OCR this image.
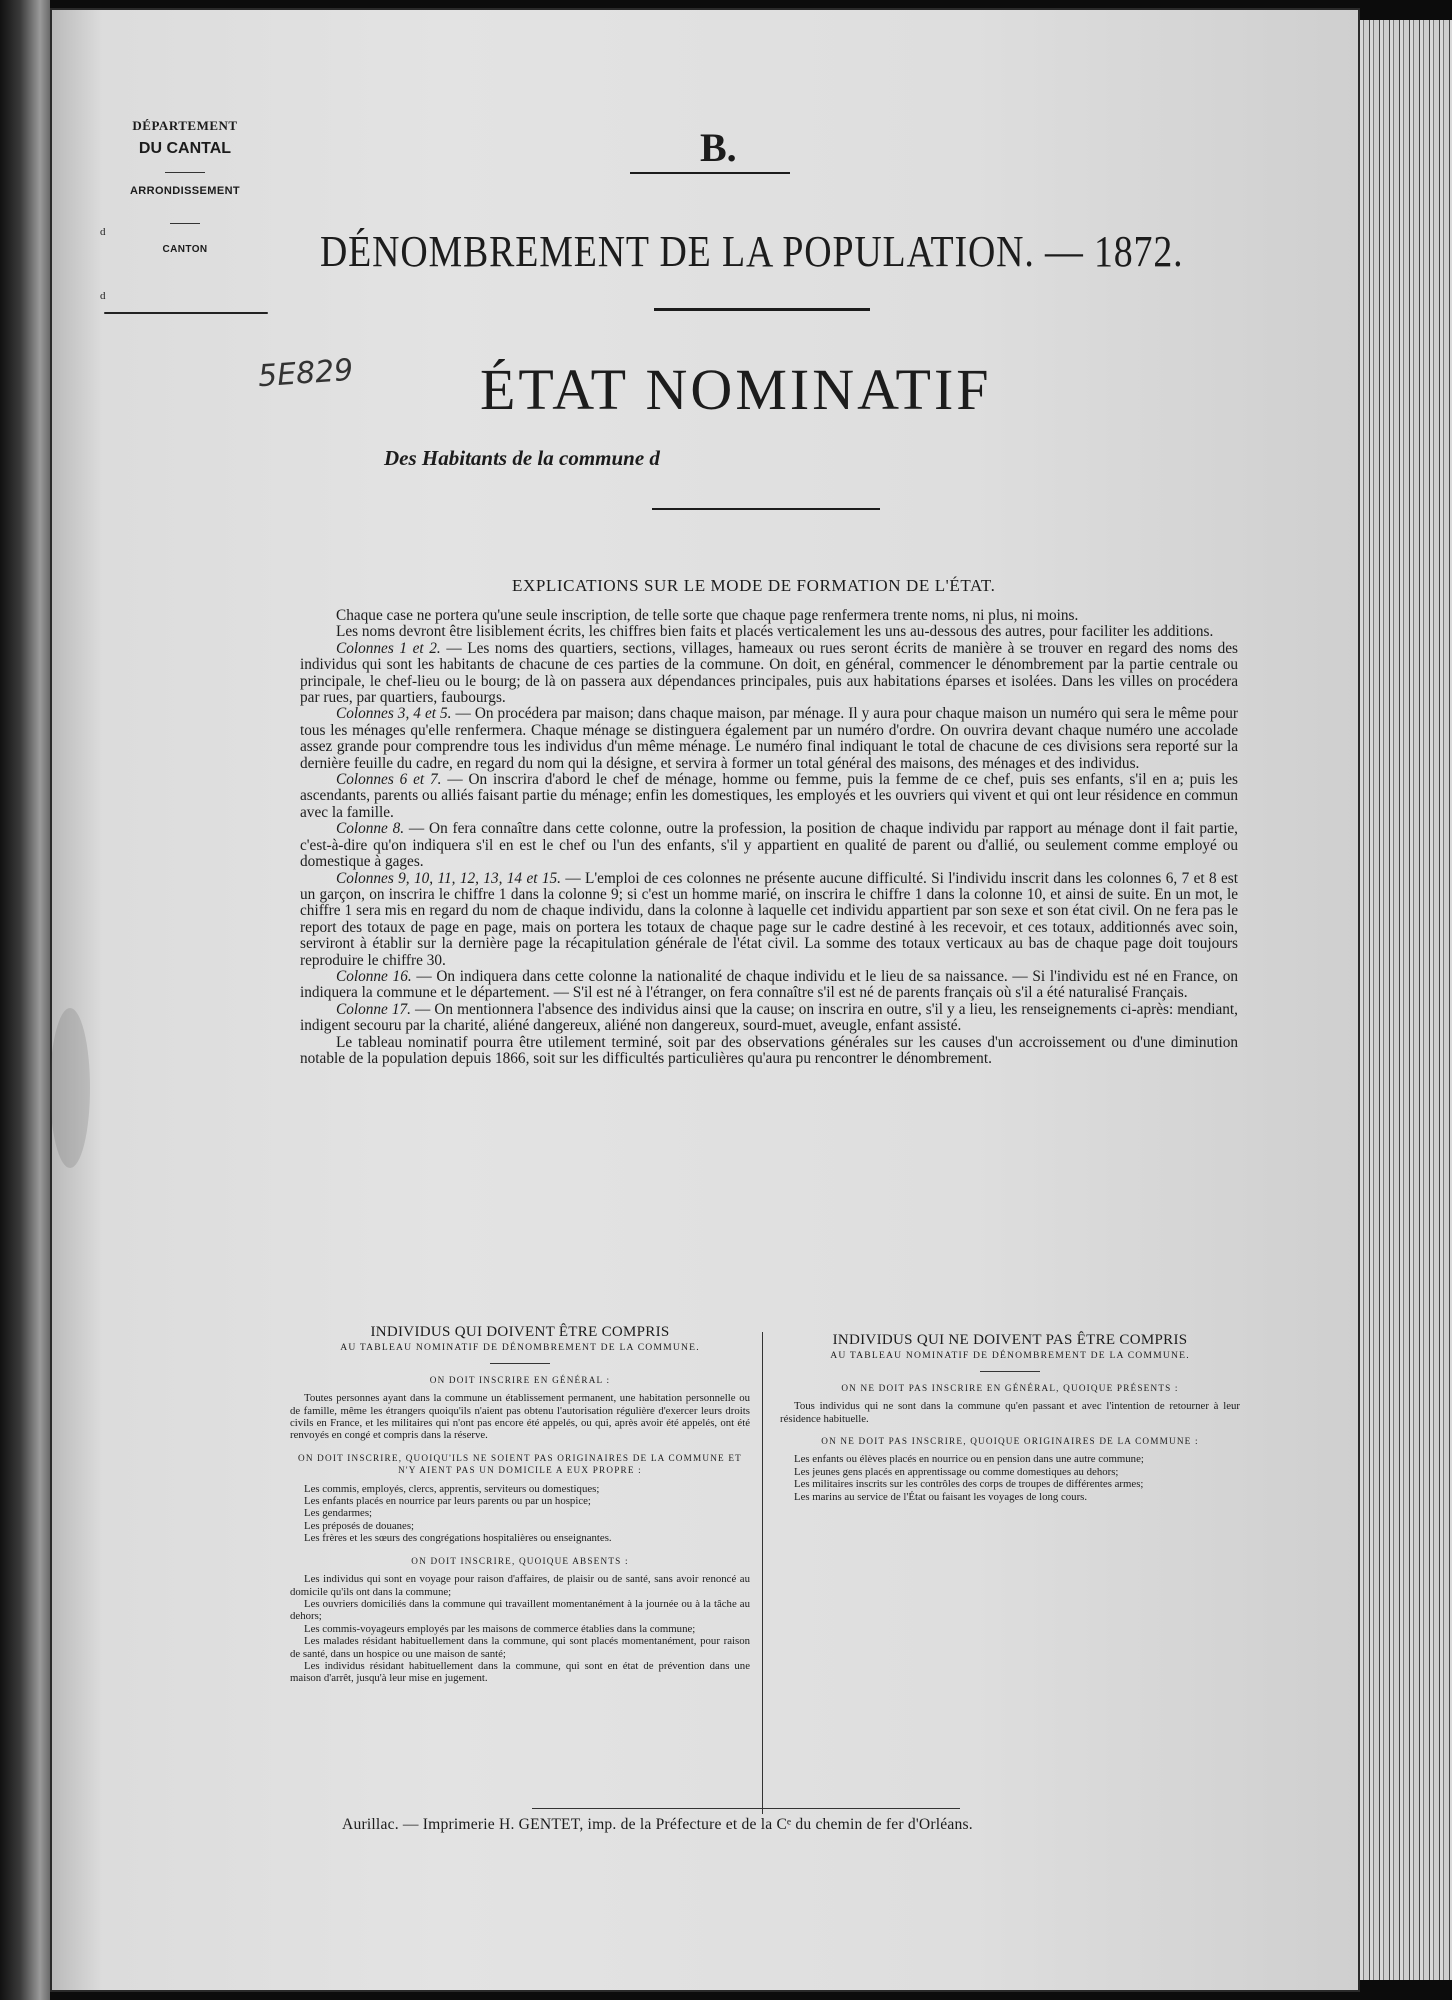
DÉPARTEMENT
DU CANTAL
ARRONDISSEMENT
CANTON
d
d
B.
DÉNOMBREMENT DE LA POPULATION. — 1872.
5E829 ÉTAT NOMINATIF
Des Habitants de la commune d
EXPLICATIONS SUR LE MODE DE FORMATION DE L'ÉTAT.

Chaque case ne portera qu'une seule inscription, de telle sorte que chaque page renfermera trente noms, ni plus, ni moins.

Les noms devront être lisiblement écrits, les chiffres bien faits et placés verticalement les uns au-dessous des autres, pour faciliter les additions.

Colonnes 1 et 2. — Les noms des quartiers, sections, villages, hameaux ou rues seront écrits de manière à se trouver en regard des noms des individus qui sont les habitants de chacune de ces parties de la commune. On doit, en général, commencer le dénombrement par la partie centrale ou principale, le chef-lieu ou le bourg; de là on passera aux dépendances principales, puis aux habitations éparses et isolées. Dans les villes on procédera par rues, par quartiers, faubourgs.

Colonnes 3, 4 et 5. — On procédera par maison; dans chaque maison, par ménage. Il y aura pour chaque maison un numéro qui sera le même pour tous les ménages qu'elle renfermera. Chaque ménage se distinguera également par un numéro d'ordre. On ouvrira devant chaque numéro une accolade assez grande pour comprendre tous les individus d'un même ménage. Le numéro final indiquant le total de chacune de ces divisions sera reporté sur la dernière feuille du cadre, en regard du nom qui la désigne, et servira à former un total général des maisons, des ménages et des individus.

Colonnes 6 et 7. — On inscrira d'abord le chef de ménage, homme ou femme, puis la femme de ce chef, puis ses enfants, s'il en a; puis les ascendants, parents ou alliés faisant partie du ménage; enfin les domestiques, les employés et les ouvriers qui vivent et qui ont leur résidence en commun avec la famille.

Colonne 8. — On fera connaître dans cette colonne, outre la profession, la position de chaque individu par rapport au ménage dont il fait partie, c'est-à-dire qu'on indiquera s'il en est le chef ou l'un des enfants, s'il y appartient en qualité de parent ou d'allié, ou seulement comme employé ou domestique à gages.

Colonnes 9, 10, 11, 12, 13, 14 et 15. — L'emploi de ces colonnes ne présente aucune difficulté. Si l'individu inscrit dans les colonnes 6, 7 et 8 est un garçon, on inscrira le chiffre 1 dans la colonne 9; si c'est un homme marié, on inscrira le chiffre 1 dans la colonne 10, et ainsi de suite. En un mot, le chiffre 1 sera mis en regard du nom de chaque individu, dans la colonne à laquelle cet individu appartient par son sexe et son état civil. On ne fera pas le report des totaux de page en page, mais on portera les totaux de chaque page sur le cadre destiné à les recevoir, et ces totaux, additionnés avec soin, serviront à établir sur la dernière page la récapitulation générale de l'état civil. La somme des totaux verticaux au bas de chaque page doit toujours reproduire le chiffre 30.

Colonne 16. — On indiquera dans cette colonne la nationalité de chaque individu et le lieu de sa naissance. — Si l'individu est né en France, on indiquera la commune et le département. — S'il est né à l'étranger, on fera connaître s'il est né de parents français où s'il a été naturalisé Français.

Colonne 17. — On mentionnera l'absence des individus ainsi que la cause; on inscrira en outre, s'il y a lieu, les renseignements ci-après: mendiant, indigent secouru par la charité, aliéné dangereux, aliéné non dangereux, sourd-muet, aveugle, enfant assisté.

Le tableau nominatif pourra être utilement terminé, soit par des observations générales sur les causes d'un accroissement ou d'une diminution notable de la population depuis 1866, soit sur les difficultés particulières qu'aura pu rencontrer le dénombrement.

INDIVIDUS QUI DOIVENT ÊTRE COMPRIS
AU TABLEAU NOMINATIF DE DÉNOMBREMENT DE LA COMMUNE.
ON DOIT INSCRIRE EN GÉNÉRAL :

Toutes personnes ayant dans la commune un établissement permanent, une habitation personnelle ou de famille, même les étrangers quoiqu'ils n'aient pas obtenu l'autorisation régulière d'exercer leurs droits civils en France, et les militaires qui n'ont pas encore été appelés, ou qui, après avoir été appelés, ont été renvoyés en congé et compris dans la réserve.

ON DOIT INSCRIRE, QUOIQU'ILS NE SOIENT PAS ORIGINAIRES DE LA COMMUNE ET N'Y AIENT PAS UN DOMICILE A EUX PROPRE :

Les commis, employés, clercs, apprentis, serviteurs ou domestiques;

Les enfants placés en nourrice par leurs parents ou par un hospice;

Les gendarmes;

Les préposés de douanes;

Les frères et les sœurs des congrégations hospitalières ou enseignantes.

ON DOIT INSCRIRE, QUOIQUE ABSENTS :

Les individus qui sont en voyage pour raison d'affaires, de plaisir ou de santé, sans avoir renoncé au domicile qu'ils ont dans la commune;

Les ouvriers domiciliés dans la commune qui travaillent momentanément à la journée ou à la tâche au dehors;

Les commis-voyageurs employés par les maisons de commerce établies dans la commune;

Les malades résidant habituellement dans la commune, qui sont placés momentanément, pour raison de santé, dans un hospice ou une maison de santé;

Les individus résidant habituellement dans la commune, qui sont en état de prévention dans une maison d'arrêt, jusqu'à leur mise en jugement.

INDIVIDUS QUI NE DOIVENT PAS ÊTRE COMPRIS
AU TABLEAU NOMINATIF DE DÉNOMBREMENT DE LA COMMUNE.
ON NE DOIT PAS INSCRIRE EN GÉNÉRAL, QUOIQUE PRÉSENTS :

Tous individus qui ne sont dans la commune qu'en passant et avec l'intention de retourner à leur résidence habituelle.

ON NE DOIT PAS INSCRIRE, QUOIQUE ORIGINAIRES DE LA COMMUNE :

Les enfants ou élèves placés en nourrice ou en pension dans une autre commune;

Les jeunes gens placés en apprentissage ou comme domestiques au dehors;

Les militaires inscrits sur les contrôles des corps de troupes de différentes armes;

Les marins au service de l'État ou faisant les voyages de long cours.

Aurillac. — Imprimerie H. GENTET, imp. de la Préfecture et de la Cᵉ du chemin de fer d'Orléans.
